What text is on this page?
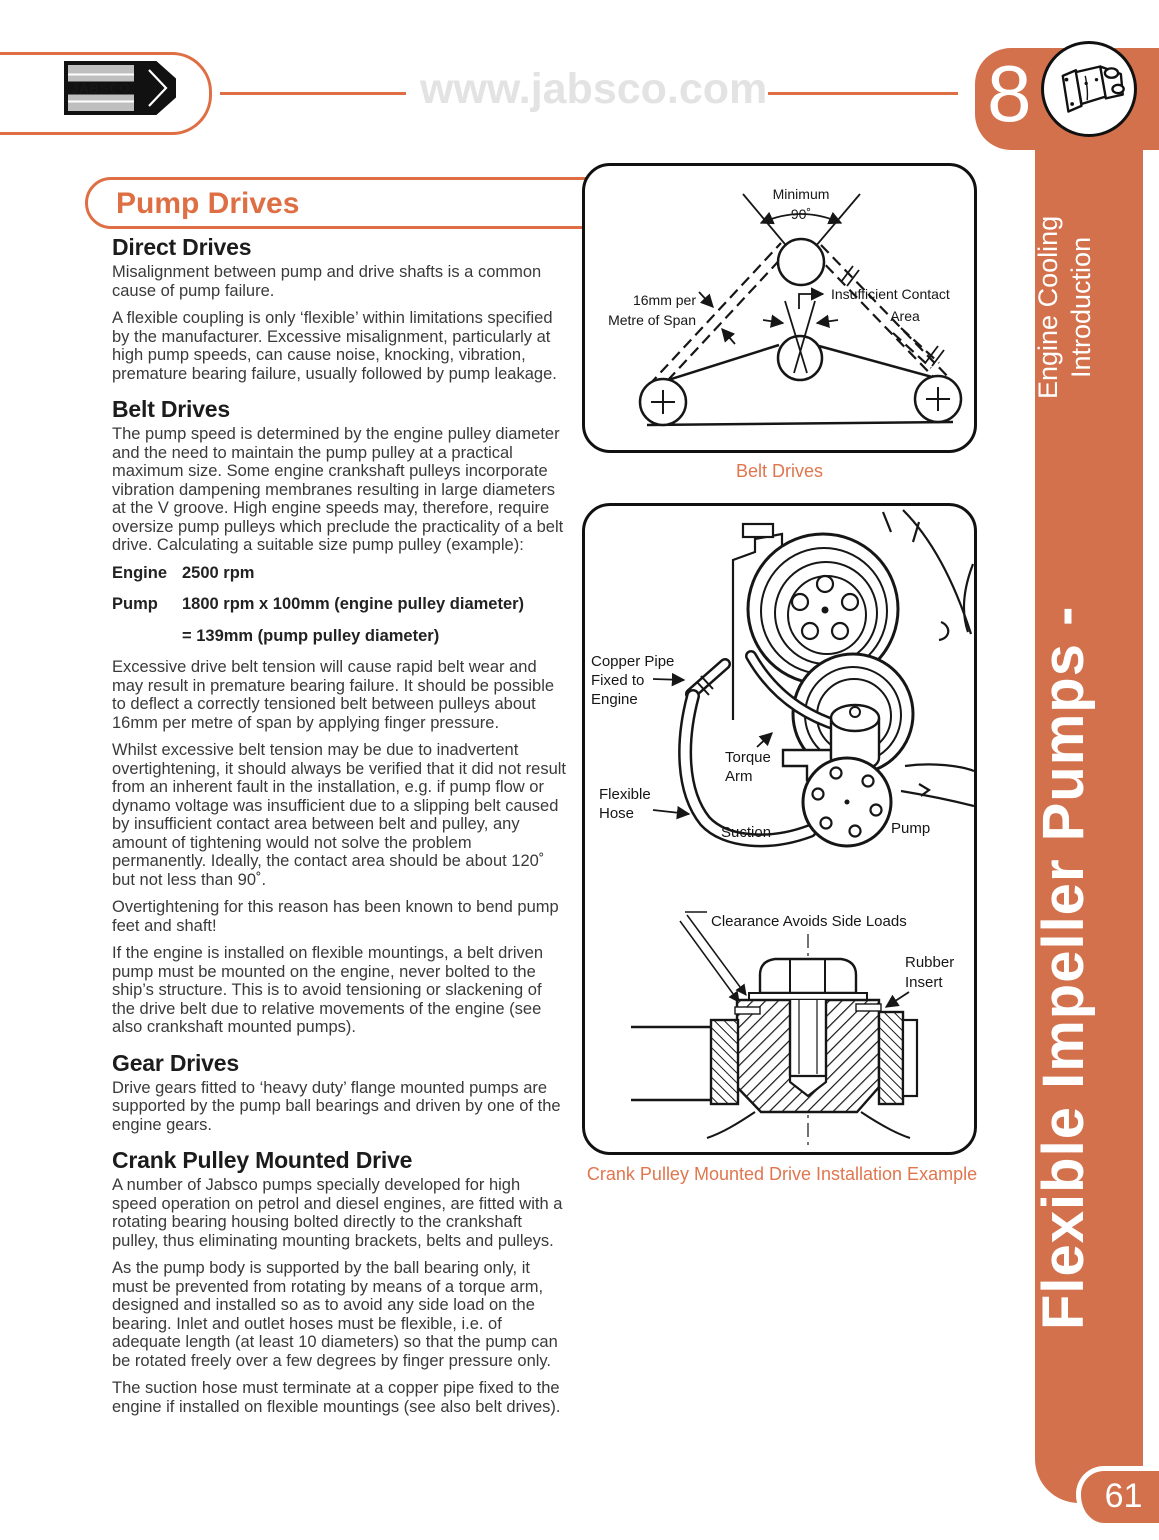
JABSCO.	www.jabsco.com	8
Engine Cooling Introduction
Flexible Impeller Pumps -
61
Pump Drives
Direct Drives

Misalignment between pump and drive shafts is a common cause of pump failure.

A flexible coupling is only ‘flexible’ within limitations specified by the manufacturer. Excessive misalignment, particularly at high pump speeds, can cause noise, knocking, vibration, premature bearing failure, usually followed by pump leakage.

Belt Drives

The pump speed is determined by the engine pulley diameter and the need to maintain the pump pulley at a practical maximum size. Some engine crankshaft pulleys incorporate vibration dampening membranes resulting in large diameters at the V groove. High engine speeds may, therefore, require oversize pump pulleys which preclude the practicality of a belt drive. Calculating a suitable size pump pulley (example):

Engine 2500 rpm
Pump	1800 rpm x 100mm (engine pulley diameter)
= 139mm (pump pulley diameter)

Excessive drive belt tension will cause rapid belt wear and may result in premature bearing failure. It should be possible to deflect a correctly tensioned belt between pulleys about 16mm per metre of span by applying finger pressure.

Whilst excessive belt tension may be due to inadvertent overtightening, it should always be verified that it did not result from an inherent fault in the installation, e.g. if pump flow or dynamo voltage was insufficient due to a slipping belt caused by insufficient contact area between belt and pulley, any amount of tightening would not solve the problem permanently. Ideally, the contact area should be about 120˚ but not less than 90˚.

Overtightening for this reason has been known to bend pump feet and shaft!

If the engine is installed on flexible mountings, a belt driven pump must be mounted on the engine, never bolted to the ship’s structure. This is to avoid tensioning or slackening of the drive belt due to relative movements of the engine (see also crankshaft mounted pumps).

Gear Drives

Drive gears fitted to ‘heavy duty’ flange mounted pumps are supported by the pump ball bearings and driven by one of the engine gears.

Crank Pulley Mounted Drive

A number of Jabsco pumps specially developed for high speed operation on petrol and diesel engines, are fitted with a rotating bearing housing bolted directly to the crankshaft pulley, thus eliminating mounting brackets, belts and pulleys.

As the pump body is supported by the ball bearing only, it must be prevented from rotating by means of a torque arm, designed and installed so as to avoid any side load on the bearing. Inlet and outlet hoses must be flexible, i.e. of adequate length (at least 10 diameters) so that the pump can be rotated freely over a few degrees by finger pressure only.

The suction hose must terminate at a copper pipe fixed to the engine if installed on flexible mountings (see also belt drives).

Minimum
90˚
16mm per
Metre of Span
Insufficient Contact
Area
Belt Drives
Copper Pipe
Fixed to
Engine
Torque
Arm
Flexible
Hose
Suction	Pump
Clearance Avoids Side Loads
Rubber
Insert
Crank Pulley Mounted Drive Installation Example
